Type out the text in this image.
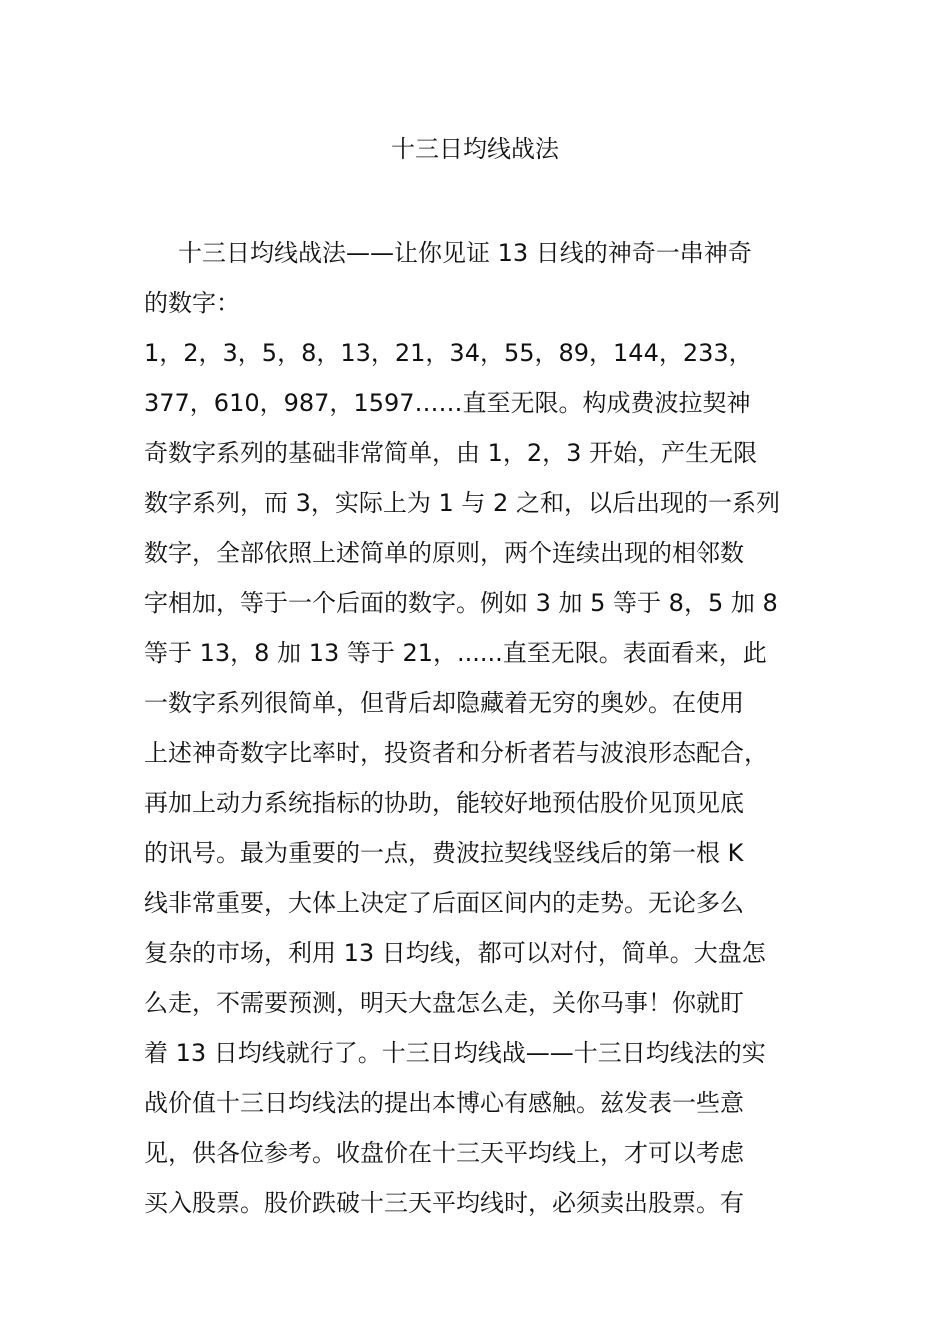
十三日均线战法
十三日均线战法——让你见证 13 日线的神奇一串神奇
的数字：
1，2，3，5，8，13，21，34，55，89，144，233，
377，610，987，1597……直至无限。构成费波拉契神
奇数字系列的基础非常简单，由 1，2，3 开始，产生无限
数字系列，而 3，实际上为 1 与 2 之和，以后出现的一系列
数字，全部依照上述简单的原则，两个连续出现的相邻数
字相加，等于一个后面的数字。例如 3 加 5 等于 8，5 加 8
等于 13，8 加 13 等于 21，......直至无限。表面看来，此
一数字系列很简单，但背后却隐藏着无穷的奥妙。在使用
上述神奇数字比率时，投资者和分析者若与波浪形态配合，
再加上动力系统指标的协助，能较好地预估股价见顶见底
的讯号。最为重要的一点，费波拉契线竖线后的第一根 K
线非常重要，大体上决定了后面区间内的走势。无论多么
复杂的市场，利用 13 日均线，都可以对付，简单。大盘怎
么走，不需要预测，明天大盘怎么走，关你马事！你就盯
着 13 日均线就行了。十三日均线战——十三日均线法的实
战价值十三日均线法的提出本博心有感触。兹发表一些意
见，供各位参考。收盘价在十三天平均线上，才可以考虑
买入股票。股价跌破十三天平均线时，必须卖出股票。有
